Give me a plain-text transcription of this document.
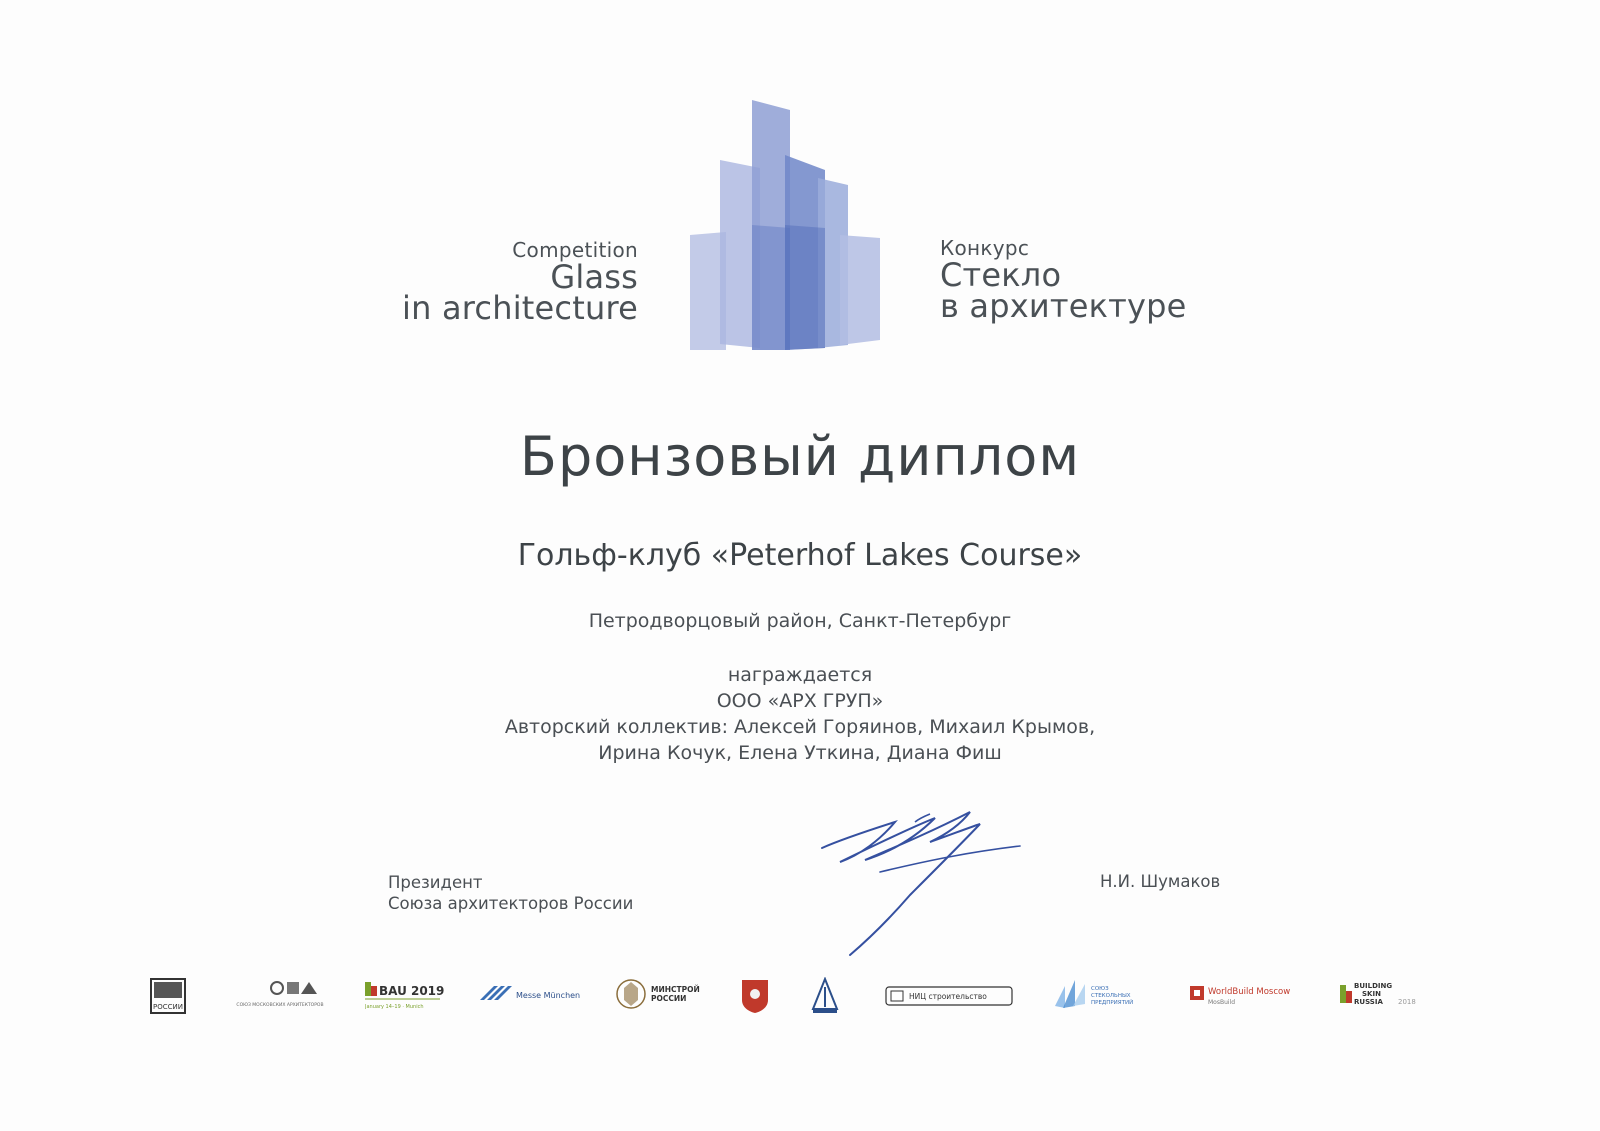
Competition
Glass
in architecture
Конкурс
Стекло
в архитектуре
Бронзовый диплом
Гольф-клуб «Peterhof Lakes Course»
Петродворцовый район, Санкт-Петербург
награждается
ООО «АРХ ГРУП»
Авторский коллектив: Алексей Горяинов, Михаил Крымов,
Ирина Кочук, Елена Уткина, Диана Фиш
Президент
Союза архитекторов России
Н.И. Шумаков
РОССИИ	СОЮЗ МОСКОВСКИХ АРХИТЕКТОРОВ
BAU 2019
January 14–19 · Munich
Messe München
МИНСТРОЙ
РОССИИ	НИЦ строительство
СОЮЗ
СТЕКОЛЬНЫХ
ПРЕДПРИЯТИЙ
WorldBuild Moscow
MosBuild
BUILDING
SKIN
RUSSIA 2018
